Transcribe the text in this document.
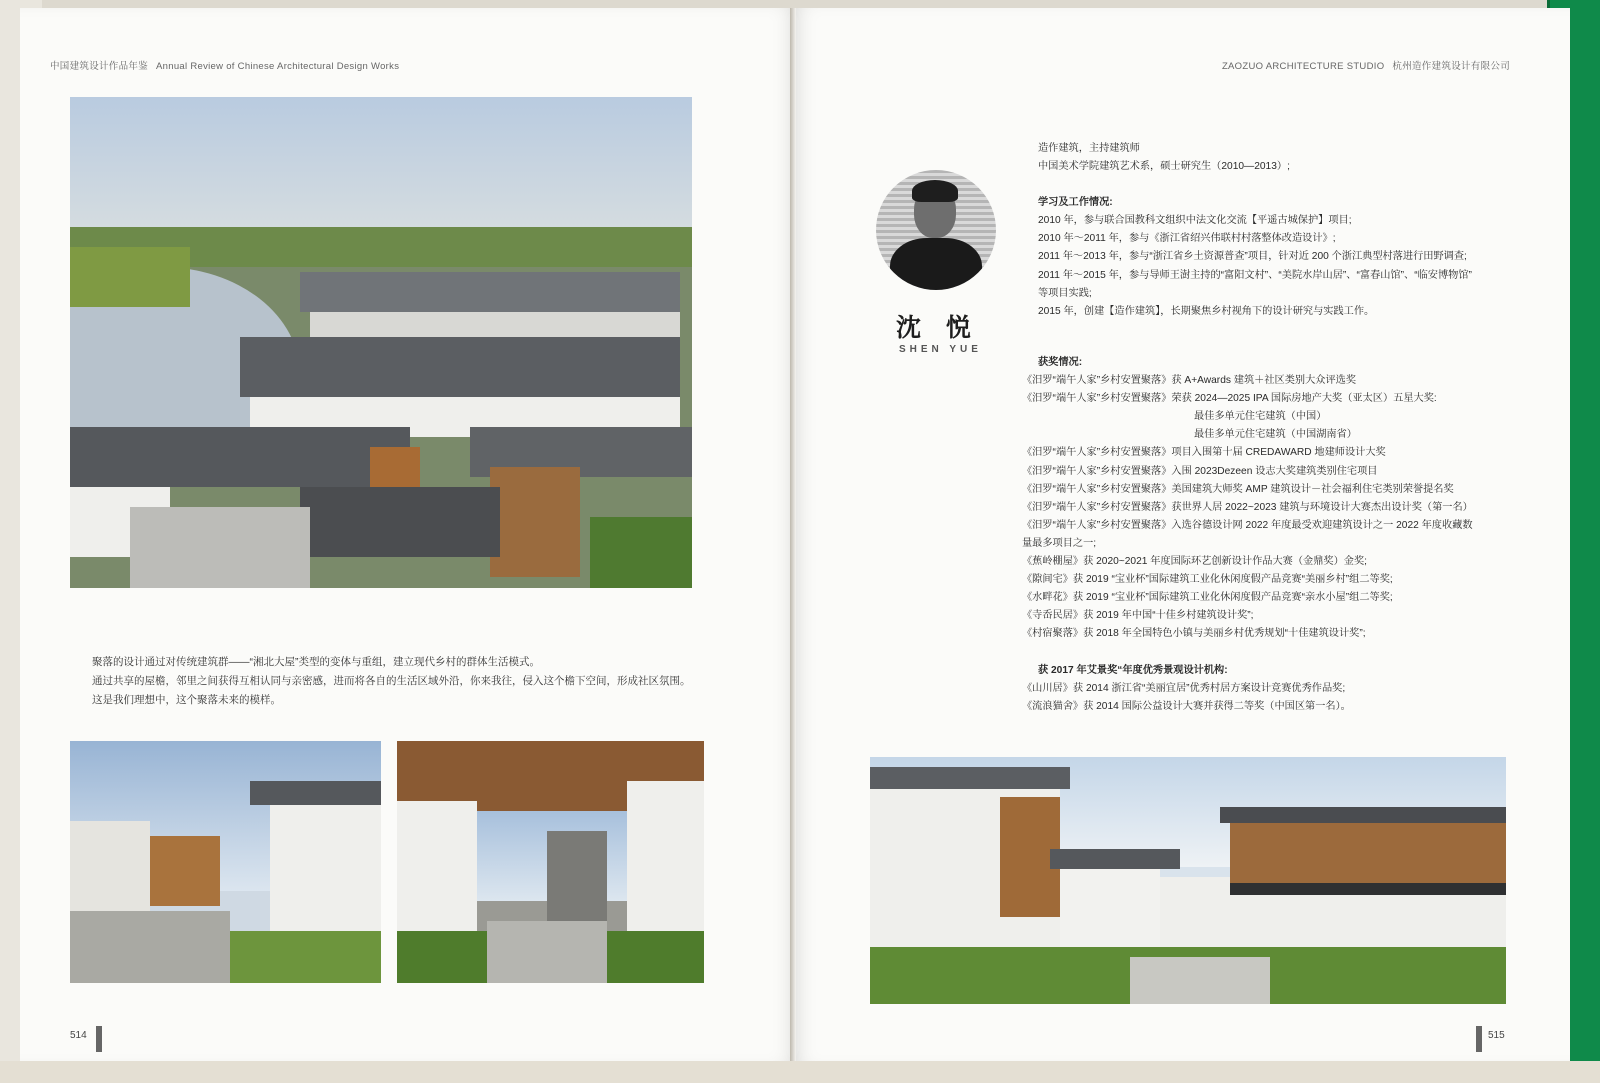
中国建筑设计作品年鉴 Annual Review of Chinese Architectural Design Works

聚落的设计通过对传统建筑群——“湘北大屋”类型的变体与重组，建立现代乡村的群体生活模式。

通过共享的屋檐，邻里之间获得互相认同与亲密感，进而将各自的生活区域外沿，你来我往，侵入这个檐下空间，形成社区氛围。

这是我们理想中，这个聚落未来的模样。

514
ZAOZUO ARCHITECTURE STUDIO 杭州造作建筑设计有限公司
沈 悦
SHEN YUE

造作建筑，主持建筑师

中国美术学院建筑艺术系，硕士研究生（2010—2013）;

学习及工作情况:

2010 年，参与联合国教科文组织中法文化交流【平遥古城保护】项目;

2010 年～2011 年，参与《浙江省绍兴伟联村村落整体改造设计》;

2011 年～2013 年，参与“浙江省乡土资源普查”项目，针对近 200 个浙江典型村落进行田野调查;

2011 年～2015 年，参与导师王澍主持的“富阳文村”、“美院水岸山居”、“富春山馆”、“临安博物馆”

等项目实践;

2015 年，创建【造作建筑】，长期聚焦乡村视角下的设计研究与实践工作。

获奖情况:

《汨罗“端午人家”乡村安置聚落》获 A+Awards 建筑＋社区类别大众评选奖

《汨罗“端午人家”乡村安置聚落》荣获 2024—2025 IPA 国际房地产大奖（亚太区）五星大奖:

最佳多单元住宅建筑（中国）

最佳多单元住宅建筑（中国湖南省）

《汨罗“端午人家”乡村安置聚落》项目入围第十届 CREDAWARD 地建师设计大奖

《汨罗“端午人家”乡村安置聚落》入围 2023Dezeen 设志大奖建筑类别住宅项目

《汨罗“端午人家”乡村安置聚落》美国建筑大师奖 AMP 建筑设计－社会福利住宅类别荣誉提名奖

《汨罗“端午人家”乡村安置聚落》获世界人居 2022~2023 建筑与环境设计大赛杰出设计奖（第一名）

《汨罗“端午人家”乡村安置聚落》入选谷德设计网 2022 年度最受欢迎建筑设计之一 2022 年度收藏数

量最多项目之一;

《蕉岭棚屋》获 2020~2021 年度国际环艺创新设计作品大赛（金鼎奖）金奖;

《隙间宅》获 2019 “宝业杯”国际建筑工业化休闲度假产品竞赛“美丽乡村”组二等奖;

《水畔花》获 2019 “宝业杯”国际建筑工业化休闲度假产品竞赛“亲水小屋”组二等奖;

《寺岙民居》获 2019 年中国“十佳乡村建筑设计奖”;

《村宿聚落》获 2018 年全国特色小镇与美丽乡村优秀规划“十佳建筑设计奖”;

获 2017 年艾景奖“年度优秀景观设计机构:

《山川居》获 2014 浙江省“美丽宜居”优秀村居方案设计竞赛优秀作品奖;

《流浪猫舍》获 2014 国际公益设计大赛并获得二等奖（中国区第一名）。

515
